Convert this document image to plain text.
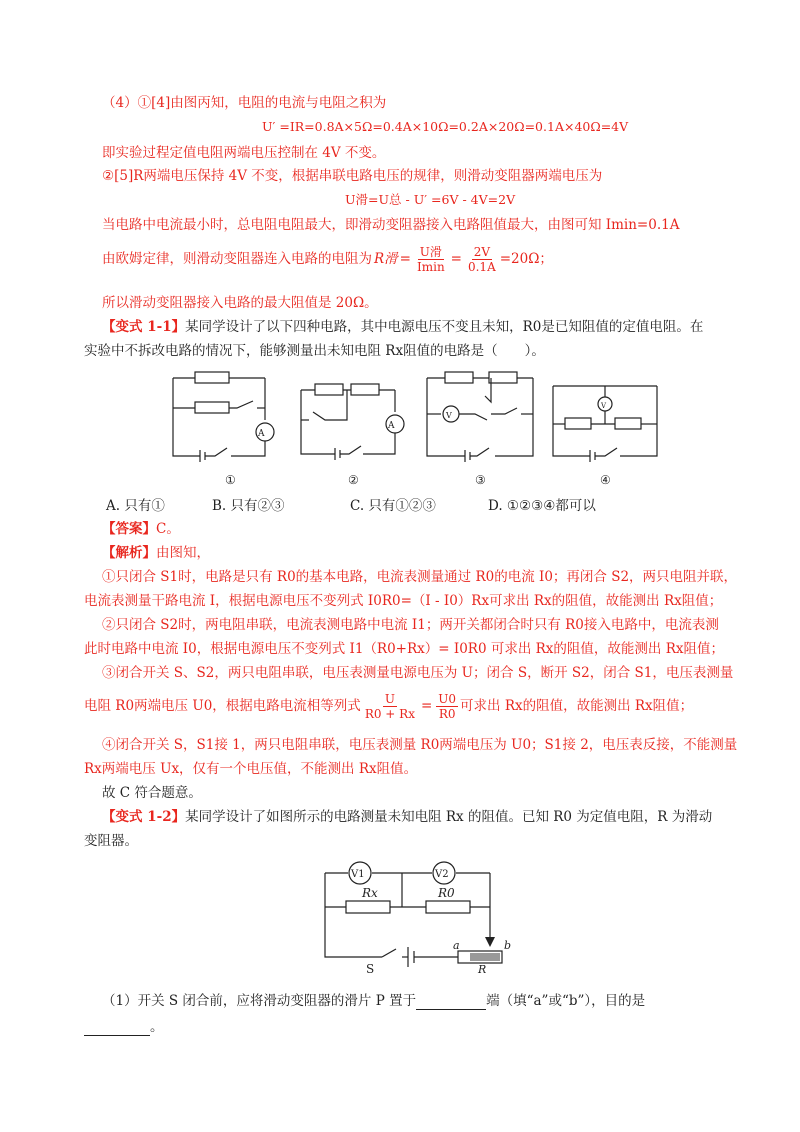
（4）①[4]由图丙知，电阻的电流与电阻之积为
U′ =IR=0.8A×5Ω=0.4A×10Ω=0.2A×20Ω=0.1A×40Ω=4V
即实验过程定值电阻两端电压控制在 4V 不变。
②[5]R两端电压保持 4V 不变，根据串联电路电压的规律，则滑动变阻器两端电压为
U滑=U总 - U′ =6V - 4V=2V
当电路中电流最小时，总电阻电阻最大，即滑动变阻器接入电路阻值最大，由图可知 Imin=0.1A
由欧姆定律，则滑动变阻器连入电路的电阻为 R滑 = $\frac{\text{U滑}}{Imin} = \frac{2V}{0.1A} =20\Omega$；
所以滑动变阻器接入电路的最大阻值是 20Ω。
【变式 1-1】某同学设计了以下四种电路，其中电源电压不变且未知，R0是已知阻值的定值电阻。在
实验中不拆改电路的情况下，能够测量出未知电阻 Rx阻值的电路是（　　）。
A
A
V
V
①	②	③	④
A. 只有①	B. 只有②③	C. 只有①②③	D. ①②③④都可以
【答案】C。
【解析】由图知，
①只闭合 S1时，电路是只有 R0的基本电路，电流表测量通过 R0的电流 I0；再闭合 S2，两只电阻并联，
电流表测量干路电流 I，根据电源电压不变列式 I0R0=（I - I0）Rx可求出 Rx的阻值，故能测出 Rx阻值；
②只闭合 S2时，两电阻串联，电流表测电路中电流 I1；两开关都闭合时只有 R0接入电路中，电流表测
此时电路中电流 I0，根据电源电压不变列式 I1（R0+Rx）= I0R0 可求出 Rx的阻值，故能测出 Rx阻值；
③闭合开关 S、S2，两只电阻串联，电压表测量电源电压为 U；闭合 S，断开 S2，闭合 S1，电压表测量
电阻 R0两端电压 U0，根据电路电流相等列式 $\frac{U}{R0 + Rx} = \frac{U0}{R0}$ 可求出 Rx的阻值，故能测出 Rx阻值；
④闭合开关 S，S1接 1，两只电阻串联，电压表测量 R0两端电压为 U0；S1接 2，电压表反接，不能测量
Rx两端电压 Ux，仅有一个电压值，不能测出 Rx阻值。
故 C 符合题意。
【变式 1-2】某同学设计了如图所示的电路测量未知电阻 Rx 的阻值。已知 R0 为定值电阻，R 为滑动
变阻器。
V1	V2
Rx	R0
S
a	b
R
（1）开关 S 闭合前，应将滑动变阻器的滑片 P 置于	端（填“a”或“b”），目的是
。
